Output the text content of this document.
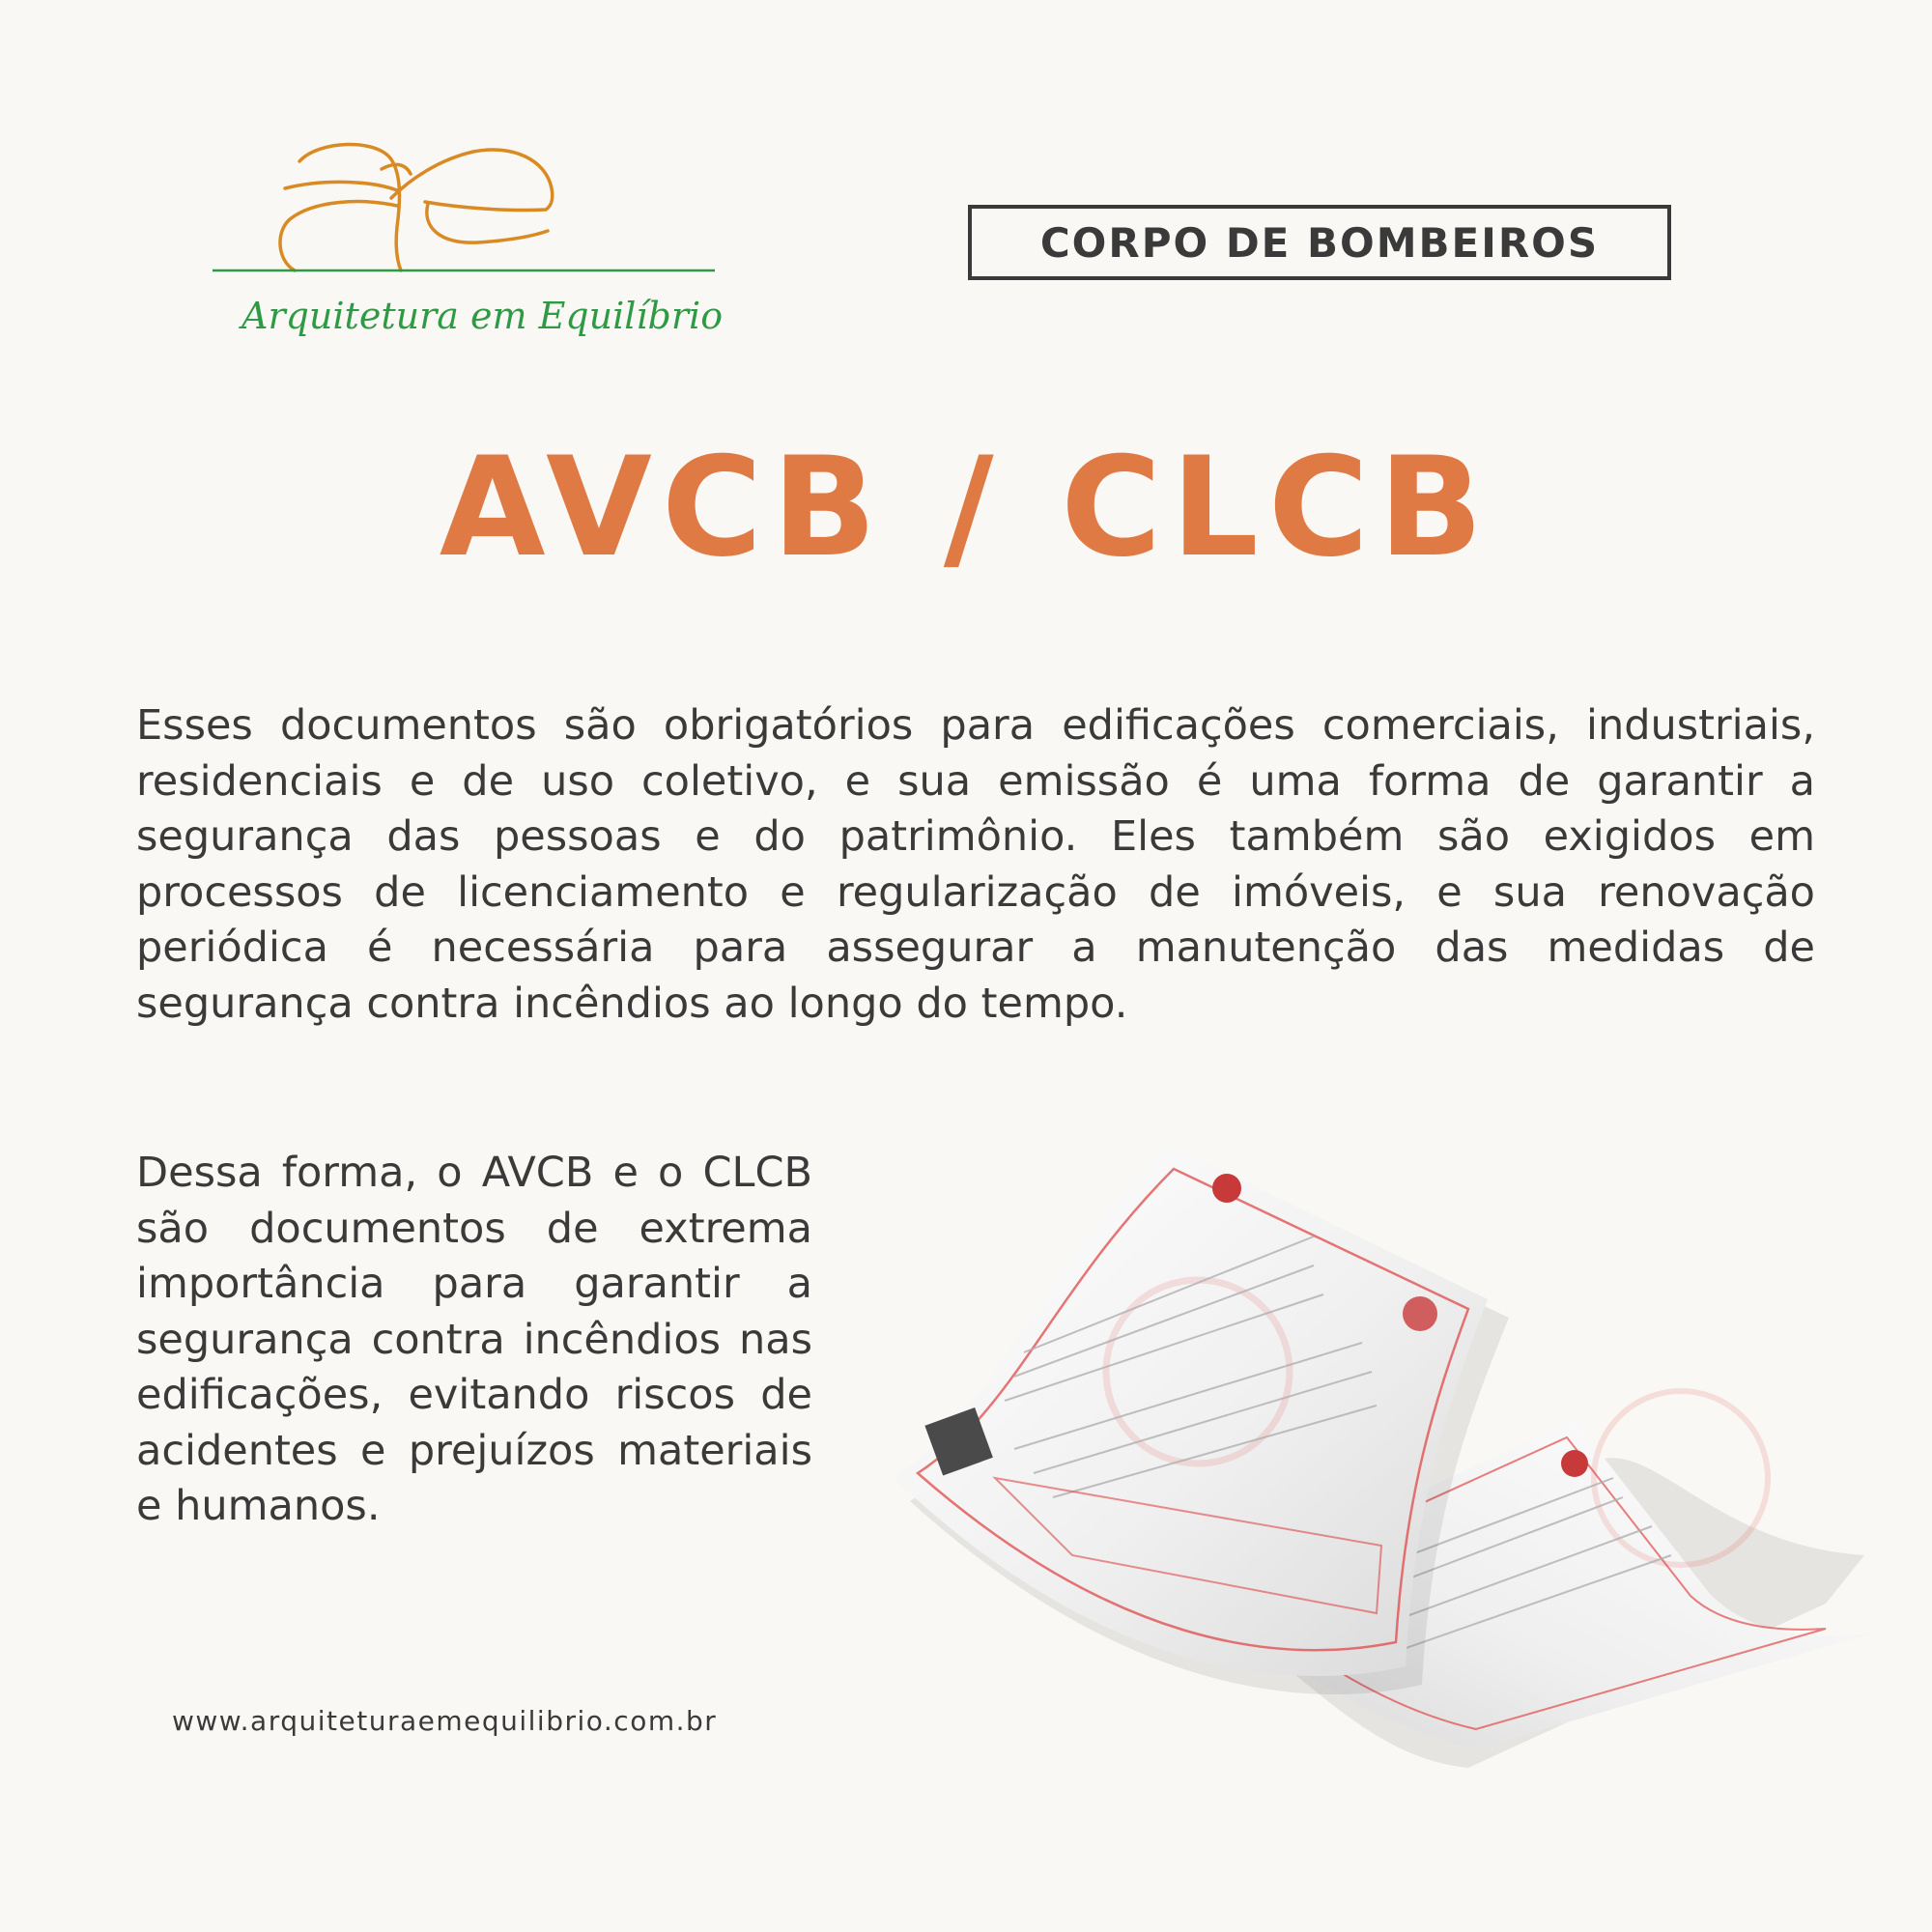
Arquitetura em Equilíbrio
CORPO DE BOMBEIROS
AVCB / CLCB

Esses documentos são obrigatórios para edificações comerciais, industriais, residenciais e de uso coletivo, e sua emissão é uma forma de garantir a segurança das pessoas e do patrimônio. Eles também são exigidos em processos de licenciamento e regularização de imóveis, e sua renovação periódica é necessária para assegurar a manutenção das medidas de segurança contra incêndios ao longo do tempo.

Dessa forma, o AVCB e o CLCB são documentos de extrema importância para garantir a segurança contra incêndios nas edificações, evitando riscos de acidentes e prejuízos materiais e humanos.

www.arquiteturaemequilibrio.com.br
